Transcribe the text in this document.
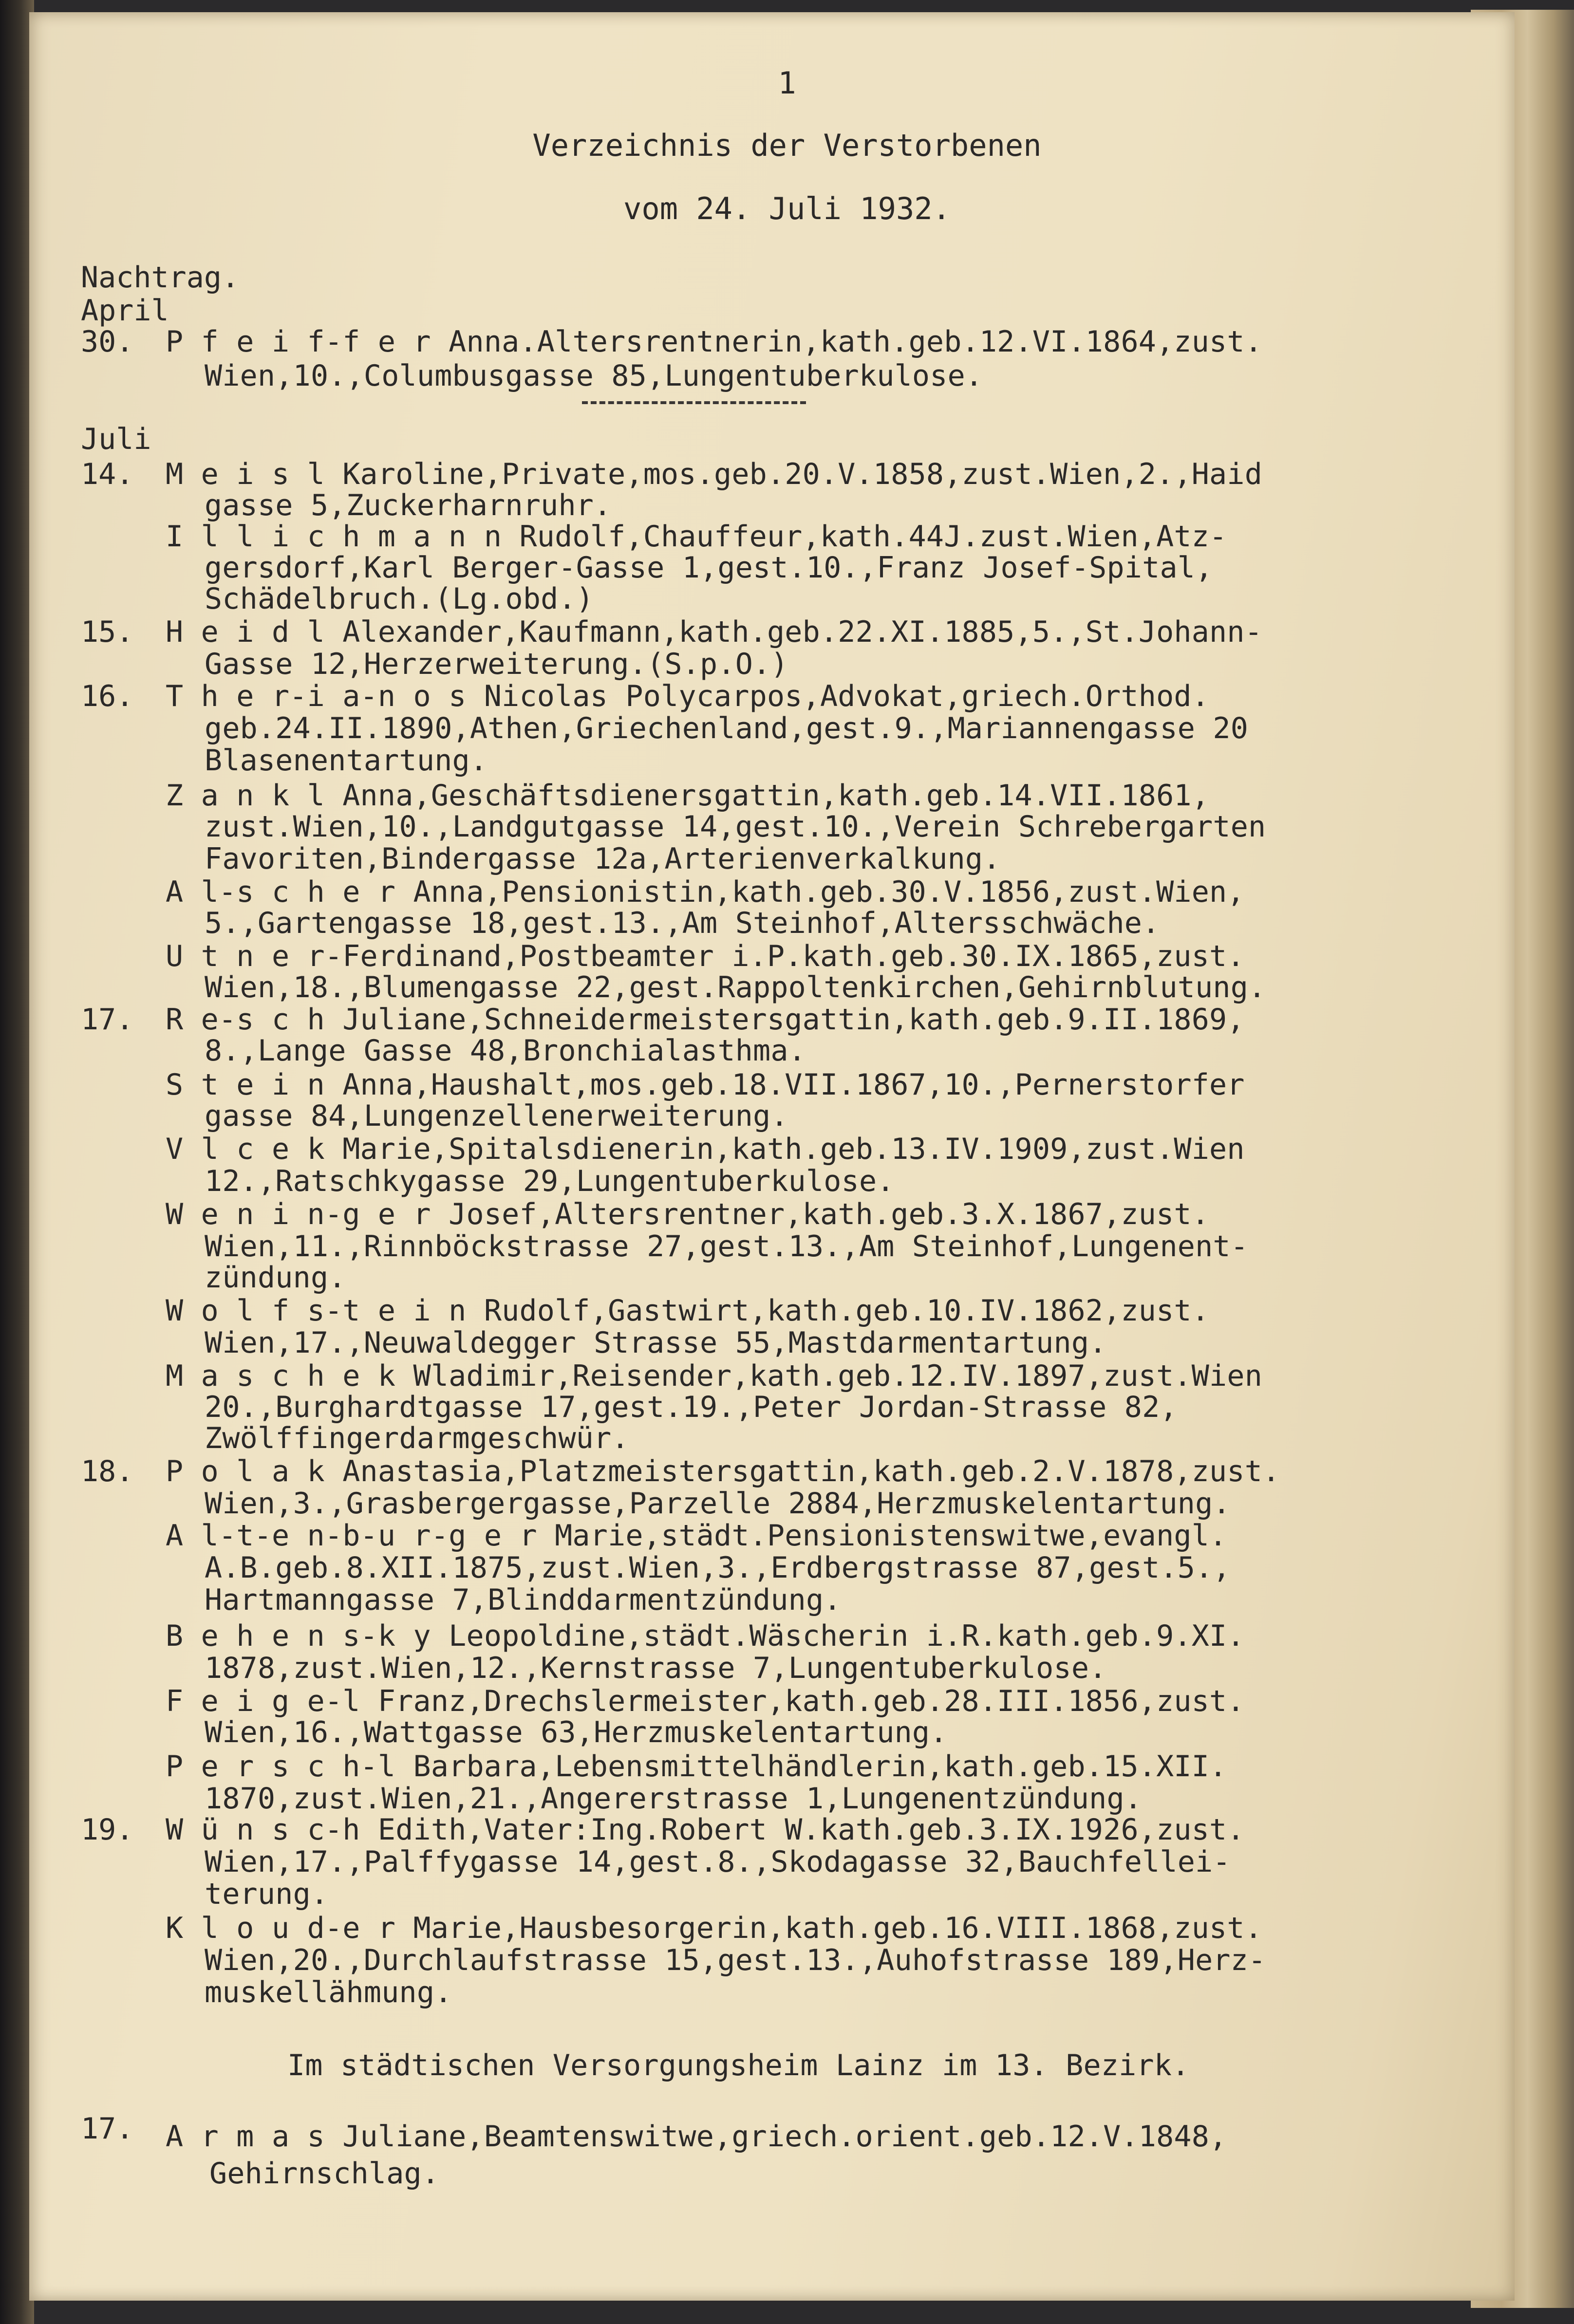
1
Verzeichnis der Verstorbenen
vom 24. Juli 1932.
Nachtrag.
April
30. P f e i f-f e r Anna.Altersrentnerin,kath.geb.12.VI.1864,zust.
Wien,10.,Columbusgasse 85,Lungentuberkulose.
Juli
14. M e i s l Karoline,Private,mos.geb.20.V.1858,zust.Wien,2.,Haid
gasse 5,Zuckerharnruhr.
I l l i c h m a n n Rudolf,Chauffeur,kath.44J.zust.Wien,Atz-
gersdorf,Karl Berger-Gasse 1,gest.10.,Franz Josef-Spital,
Schädelbruch.(Lg.obd.)
15. H e i d l Alexander,Kaufmann,kath.geb.22.XI.1885,5.,St.Johann-
Gasse 12,Herzerweiterung.(S.p.O.)
16. T h e r-i a-n o s Nicolas Polycarpos,Advokat,griech.Orthod.
geb.24.II.1890,Athen,Griechenland,gest.9.,Mariannengasse 20
Blasenentartung.
Z a n k l Anna,Geschäftsdienersgattin,kath.geb.14.VII.1861,
zust.Wien,10.,Landgutgasse 14,gest.10.,Verein Schrebergarten
Favoriten,Bindergasse 12a,Arterienverkalkung.
A l-s c h e r Anna,Pensionistin,kath.geb.30.V.1856,zust.Wien,
5.,Gartengasse 18,gest.13.,Am Steinhof,Altersschwäche.
U t n e r-Ferdinand,Postbeamter i.P.kath.geb.30.IX.1865,zust.
Wien,18.,Blumengasse 22,gest.Rappoltenkirchen,Gehirnblutung.
17. R e-s c h Juliane,Schneidermeistersgattin,kath.geb.9.II.1869,
8.,Lange Gasse 48,Bronchialasthma.
S t e i n Anna,Haushalt,mos.geb.18.VII.1867,10.,Pernerstorfer
gasse 84,Lungenzellenerweiterung.
V l c e k Marie,Spitalsdienerin,kath.geb.13.IV.1909,zust.Wien
12.,Ratschkygasse 29,Lungentuberkulose.
W e n i n-g e r Josef,Altersrentner,kath.geb.3.X.1867,zust.
Wien,11.,Rinnböckstrasse 27,gest.13.,Am Steinhof,Lungenent-
zündung.
W o l f s-t e i n Rudolf,Gastwirt,kath.geb.10.IV.1862,zust.
Wien,17.,Neuwaldegger Strasse 55,Mastdarmentartung.
M a s c h e k Wladimir,Reisender,kath.geb.12.IV.1897,zust.Wien
20.,Burghardtgasse 17,gest.19.,Peter Jordan-Strasse 82,
Zwölffingerdarmgeschwür.
18. P o l a k Anastasia,Platzmeistersgattin,kath.geb.2.V.1878,zust.
Wien,3.,Grasbergergasse,Parzelle 2884,Herzmuskelentartung.
A l-t-e n-b-u r-g e r Marie,städt.Pensionistenswitwe,evangl.
A.B.geb.8.XII.1875,zust.Wien,3.,Erdbergstrasse 87,gest.5.,
Hartmanngasse 7,Blinddarmentzündung.
B e h e n s-k y Leopoldine,städt.Wäscherin i.R.kath.geb.9.XI.
1878,zust.Wien,12.,Kernstrasse 7,Lungentuberkulose.
F e i g e-l Franz,Drechslermeister,kath.geb.28.III.1856,zust.
Wien,16.,Wattgasse 63,Herzmuskelentartung.
P e r s c h-l Barbara,Lebensmittelhändlerin,kath.geb.15.XII.
1870,zust.Wien,21.,Angererstrasse 1,Lungenentzündung.
19. W ü n s c-h Edith,Vater:Ing.Robert W.kath.geb.3.IX.1926,zust.
Wien,17.,Palffygasse 14,gest.8.,Skodagasse 32,Bauchfellei-
terung.
K l o u d-e r Marie,Hausbesorgerin,kath.geb.16.VIII.1868,zust.
Wien,20.,Durchlaufstrasse 15,gest.13.,Auhofstrasse 189,Herz-
muskellähmung.
Im städtischen Versorgungsheim Lainz im 13. Bezirk.
17. A r m a s Juliane,Beamtenswitwe,griech.orient.geb.12.V.1848,
Gehirnschlag.
